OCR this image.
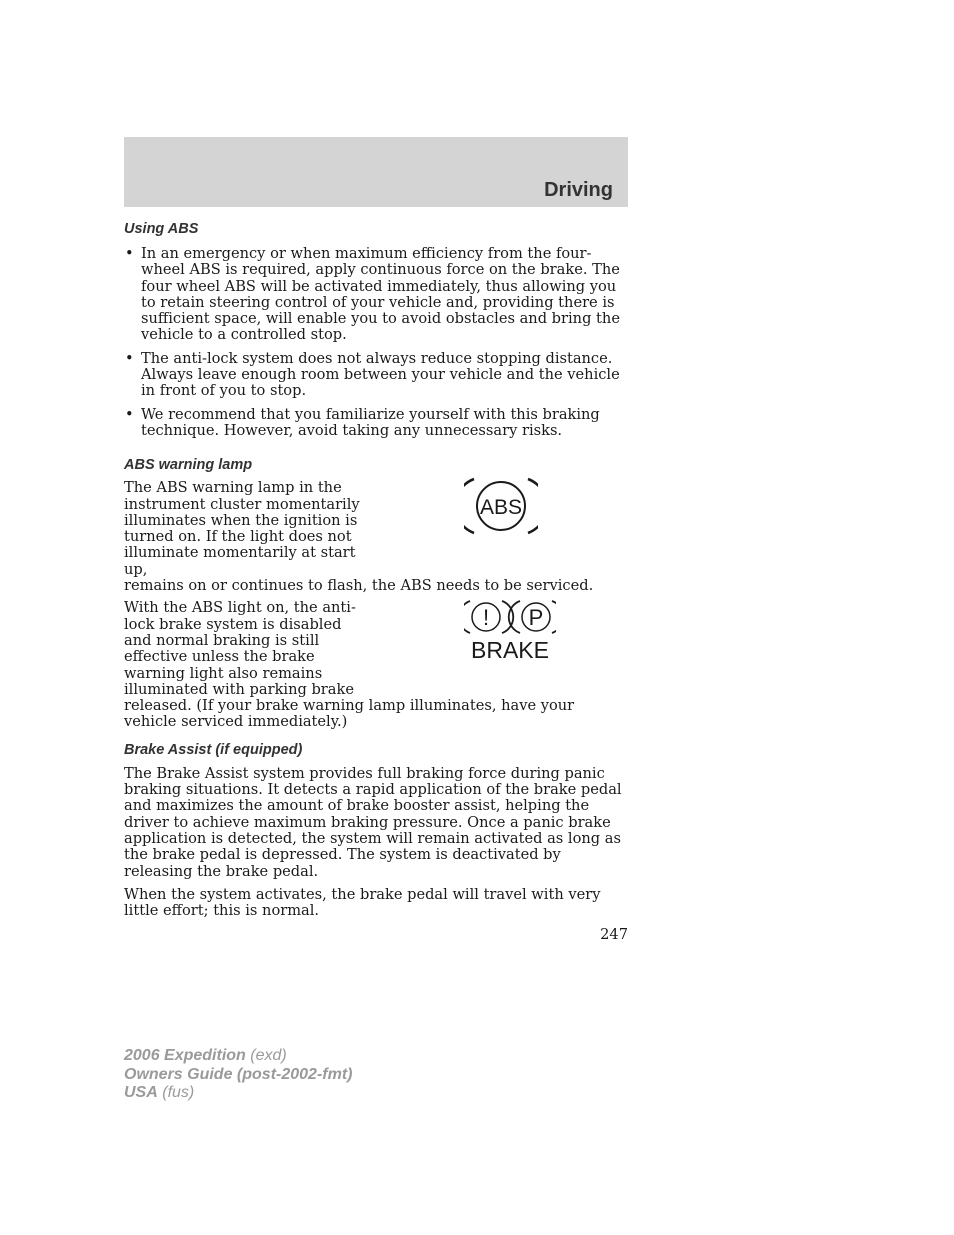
Driving
Using ABS
• In an emergency or when maximum efficiency from the four-wheel ABS is required, apply continuous force on the brake. The four wheel ABS will be activated immediately, thus allowing you to retain steering control of your vehicle and, providing there is sufficient space, will enable you to avoid obstacles and bring the vehicle to a controlled stop.
• The anti-lock system does not always reduce stopping distance. Always leave enough room between your vehicle and the vehicle in front of you to stop.
• We recommend that you familiarize yourself with this braking technique. However, avoid taking any unnecessary risks.
ABS warning lamp

The ABS warning lamp in the instrument cluster momentarily illuminates when the ignition is turned on. If the light does not illuminate momentarily at start up,

ABS

remains on or continues to flash, the ABS needs to be serviced.

With the ABS light on, the anti-lock brake system is disabled and normal braking is still effective unless the brake warning light also remains illuminated with parking brake

! P
BRAKE

released. (If your brake warning lamp illuminates, have your vehicle serviced immediately.)

Brake Assist (if equipped)

The Brake Assist system provides full braking force during panic braking situations. It detects a rapid application of the brake pedal and maximizes the amount of brake booster assist, helping the driver to achieve maximum braking pressure. Once a panic brake application is detected, the system will remain activated as long as the brake pedal is depressed. The system is deactivated by releasing the brake pedal.

When the system activates, the brake pedal will travel with very little effort; this is normal.

247
2006 Expedition (exd)
Owners Guide (post-2002-fmt)
USA (fus)
